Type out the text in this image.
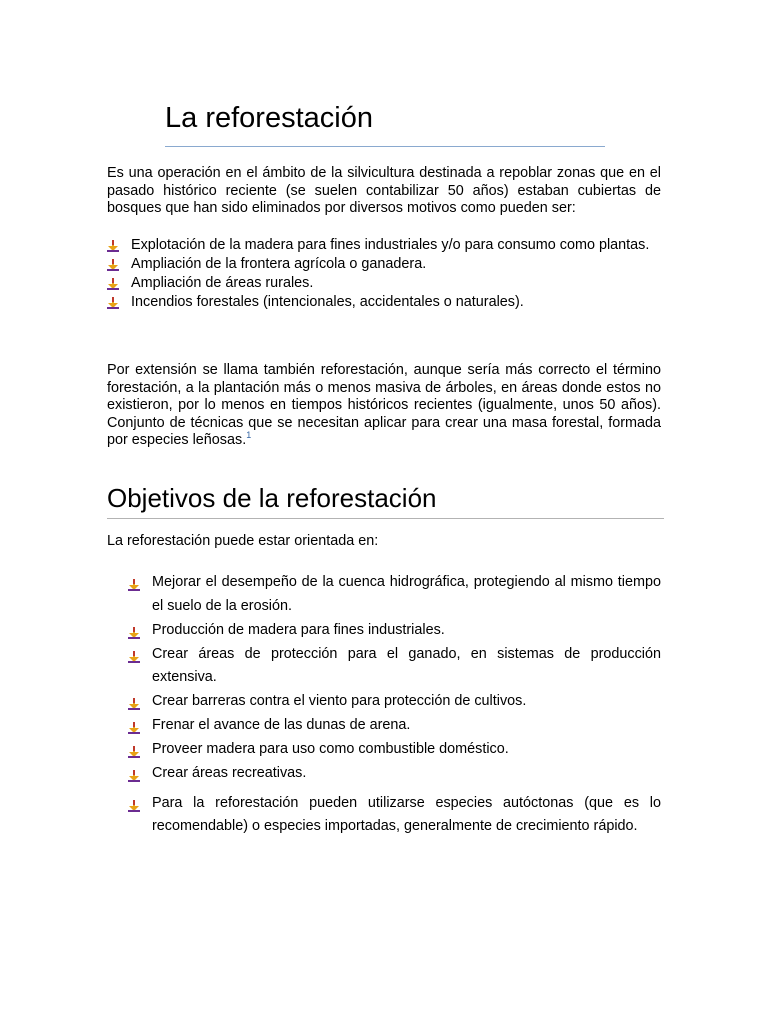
La reforestación

Es una operación en el ámbito de la silvicultura destinada a repoblar zonas que en el pasado histórico reciente (se suelen contabilizar 50 años) estaban cubiertas de bosques que han sido eliminados por diversos motivos como pueden ser:

Explotación de la madera para fines industriales y/o para consumo como plantas.
Ampliación de la frontera agrícola o ganadera.
Ampliación de áreas rurales.
Incendios forestales (intencionales, accidentales o naturales).

Por extensión se llama también reforestación, aunque sería más correcto el término forestación, a la plantación más o menos masiva de árboles, en áreas donde estos no existieron, por lo menos en tiempos históricos recientes (igualmente, unos 50 años). Conjunto de técnicas que se necesitan aplicar para crear una masa forestal, formada por especies leñosas.$^1$

Objetivos de la reforestación

La reforestación puede estar orientada en:

Mejorar el desempeño de la cuenca hidrográfica, protegiendo al mismo tiempo el suelo de la erosión.
Producción de madera para fines industriales.
Crear áreas de protección para el ganado, en sistemas de producción extensiva.
Crear barreras contra el viento para protección de cultivos.
Frenar el avance de las dunas de arena.
Proveer madera para uso como combustible doméstico.
Crear áreas recreativas.
Para la reforestación pueden utilizarse especies autóctonas (que es lo recomendable) o especies importadas, generalmente de crecimiento rápido.
